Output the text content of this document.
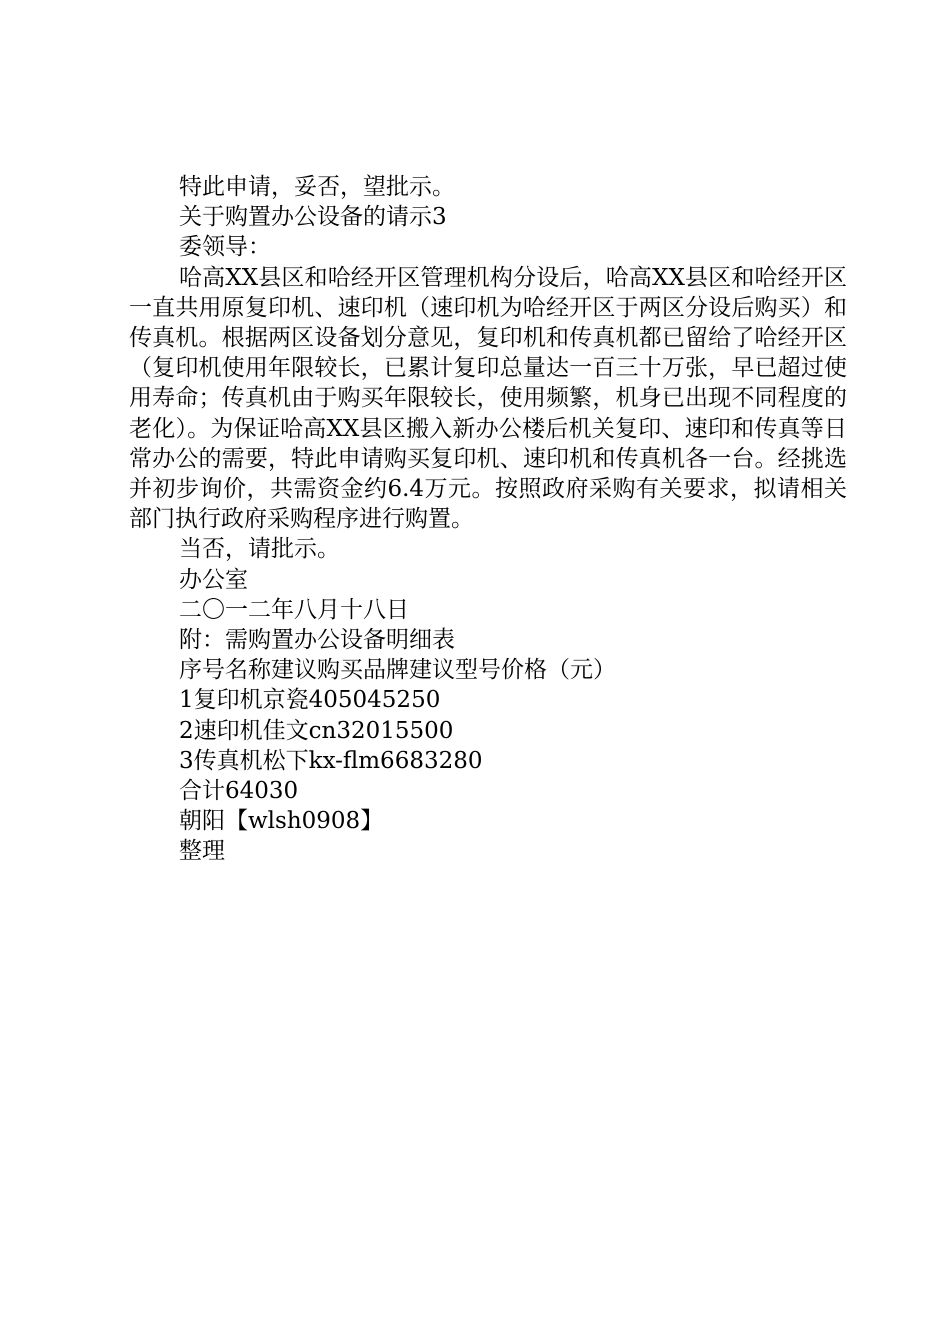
特此申请，妥否，望批示。
关于购置办公设备的请示3
委领导：
哈高XX县区和哈经开区管理机构分设后，哈高XX县区和哈经开区一直共用原复印机、速印机（速印机为哈经开区于两区分设后购买）和传真机。根据两区设备划分意见，复印机和传真机都已留给了哈经开区（复印机使用年限较长，已累计复印总量达一百三十万张，早已超过使用寿命；传真机由于购买年限较长，使用频繁，机身已出现不同程度的老化）。为保证哈高XX县区搬入新办公楼后机关复印、速印和传真等日常办公的需要，特此申请购买复印机、速印机和传真机各一台。经挑选并初步询价，共需资金约6.4万元。按照政府采购有关要求，拟请相关部门执行政府采购程序进行购置。
当否，请批示。
办公室
二〇一二年八月十八日
附：需购置办公设备明细表
序号名称建议购买品牌建议型号价格（元）
1复印机京瓷405045250
2速印机佳文cn32015500
3传真机松下kx-flm6683280
合计64030
朝阳【wlsh0908】
整理
